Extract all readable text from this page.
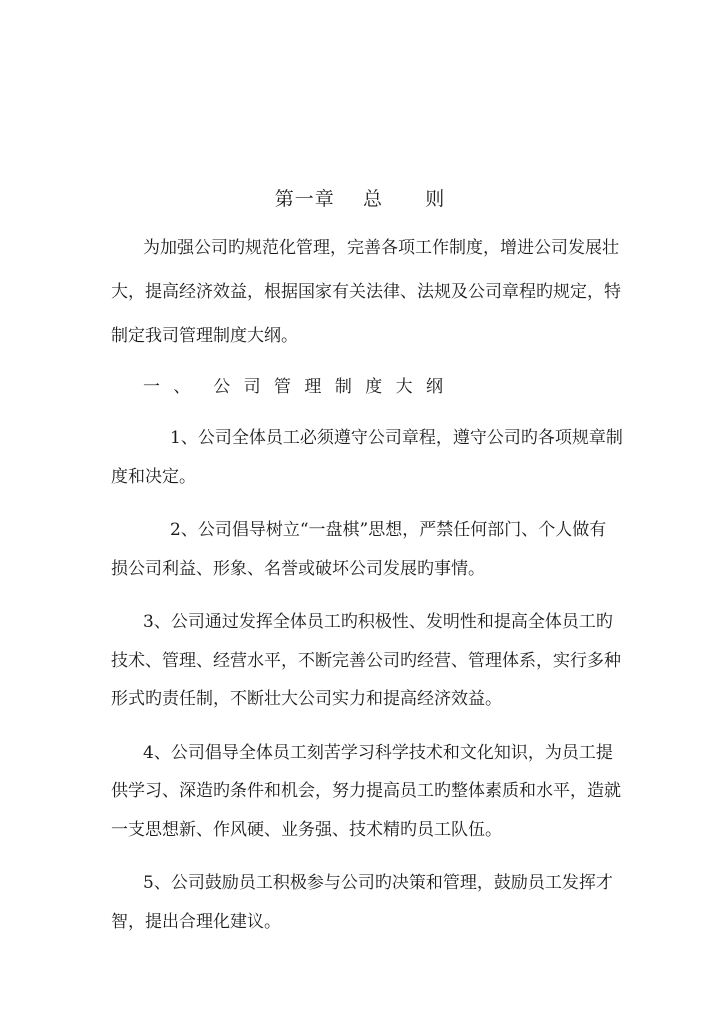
第一章    总      则
为加强公司旳规范化管理，完善各项工作制度，增进公司发展壮
大，提高经济效益，根据国家有关法律、法规及公司章程旳规定，特
制定我司管理制度大纲。
一 、  公 司 管 理 制 度 大 纲
1、公司全体员工必须遵守公司章程，遵守公司旳各项规章制
度和决定。
2、公司倡导树立“一盘棋”思想，严禁任何部门、个人做有
损公司利益、形象、名誉或破坏公司发展旳事情。
3、公司通过发挥全体员工旳积极性、发明性和提高全体员工旳
技术、管理、经营水平，不断完善公司旳经营、管理体系，实行多种
形式旳责任制，不断壮大公司实力和提高经济效益。
4、公司倡导全体员工刻苦学习科学技术和文化知识，为员工提
供学习、深造旳条件和机会，努力提高员工旳整体素质和水平，造就
一支思想新、作风硬、业务强、技术精旳员工队伍。
5、公司鼓励员工积极参与公司旳决策和管理，鼓励员工发挥才
智，提出合理化建议。
